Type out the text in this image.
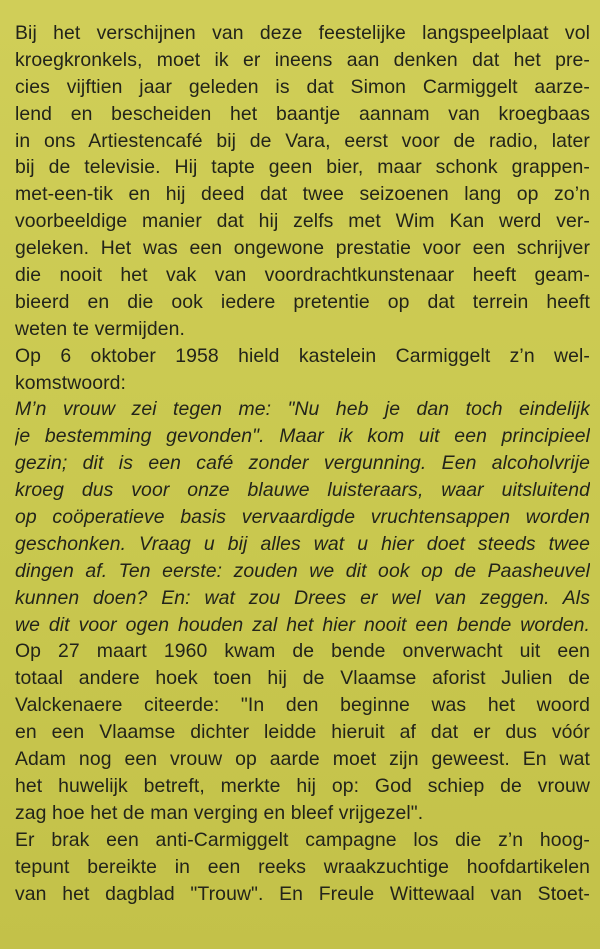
Bij het verschijnen van deze feestelijke langspeelplaat vol
kroegkronkels, moet ik er ineens aan denken dat het pre-
cies vijftien jaar geleden is dat Simon Carmiggelt aarze-
lend en bescheiden het baantje aannam van kroegbaas
in ons Artiestencafé bij de Vara, eerst voor de radio, later
bij de televisie. Hij tapte geen bier, maar schonk grappen-
met-een-tik en hij deed dat twee seizoenen lang op zo’n
voorbeeldige manier dat hij zelfs met Wim Kan werd ver-
geleken. Het was een ongewone prestatie voor een schrijver
die nooit het vak van voordrachtkunstenaar heeft geam-
bieerd en die ook iedere pretentie op dat terrein heeft
weten te vermijden.
Op 6 oktober 1958 hield kastelein Carmiggelt z’n wel-
komstwoord:
M’n vrouw zei tegen me: "Nu heb je dan toch eindelijk
je bestemming gevonden". Maar ik kom uit een principieel
gezin; dit is een café zonder vergunning. Een alcoholvrije
kroeg dus voor onze blauwe luisteraars, waar uitsluitend
op coöperatieve basis vervaardigde vruchtensappen worden
geschonken. Vraag u bij alles wat u hier doet steeds twee
dingen af. Ten eerste: zouden we dit ook op de Paasheuvel
kunnen doen? En: wat zou Drees er wel van zeggen. Als
we dit voor ogen houden zal het hier nooit een bende worden.
Op 27 maart 1960 kwam de bende onverwacht uit een
totaal andere hoek toen hij de Vlaamse aforist Julien de
Valckenaere citeerde: "In den beginne was het woord
en een Vlaamse dichter leidde hieruit af dat er dus vóór
Adam nog een vrouw op aarde moet zijn geweest. En wat
het huwelijk betreft, merkte hij op: God schiep de vrouw
zag hoe het de man verging en bleef vrijgezel".
Er brak een anti-Carmiggelt campagne los die z’n hoog-
tepunt bereikte in een reeks wraakzuchtige hoofdartikelen
van het dagblad "Trouw". En Freule Wittewaal van Stoet-
